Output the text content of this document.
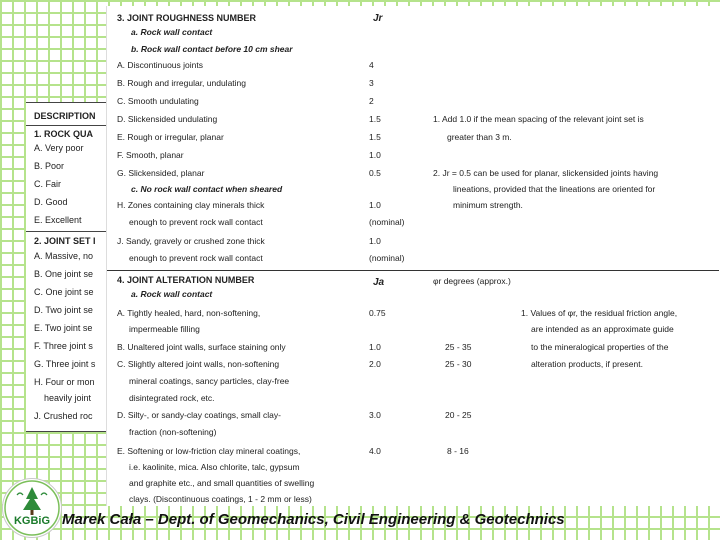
DESCRIPTION
1. ROCK QUA
A. Very poor
B. Poor
C. Fair
D. Good
E. Excellent
2. JOINT SET I
A. Massive, no
B. One joint se
C. One joint se
D. Two joint se
E. Two joint se
F. Three joint s
G. Three joint s
H. Four or mon
heavily joint
J. Crushed roc
3. JOINT ROUGHNESS NUMBER	Jr
a. Rock wall contact
b. Rock wall contact before 10 cm shear
A. Discontinuous joints	4
B. Rough and irregular, undulating	3
C. Smooth undulating	2
D. Slickensided undulating	1.5
E. Rough or irregular, planar	1.5
F. Smooth, planar	1.0
G. Slickensided, planar	0.5
c. No rock wall contact when sheared
H. Zones containing clay minerals thick	1.0
enough to prevent rock wall contact	(nominal)
J. Sandy, gravely or crushed zone thick	1.0
enough to prevent rock wall contact	(nominal)
1. Add 1.0 if the mean spacing of the relevant joint set is
greater than 3 m.
2. Jr = 0.5 can be used for planar, slickensided joints having
lineations, provided that the lineations are oriented for
minimum strength.
4. JOINT ALTERATION NUMBER	Ja	φr degrees (approx.)
a. Rock wall contact
A. Tightly healed, hard, non-softening,
impermeable filling
0.75
B. Unaltered joint walls, surface staining only	1.0	25 - 35
C. Slightly altered joint walls, non-softening
mineral coatings, sancy particles, clay-free
disintegrated rock, etc.
2.0	25 - 30
D. Silty-, or sandy-clay coatings, small clay-
fraction (non-softening)
3.0	20 - 25
E. Softening or low-friction clay mineral coatings,
i.e. kaolinite, mica. Also chlorite, talc, gypsum
and graphite etc., and small quantities of swelling
clays. (Discontinuous coatings, 1 - 2 mm or less)
4.0	8 - 16
1. Values of φr, the residual friction angle,
are intended as an approximate guide
to the mineralogical properties of the
alteration products, if present.
KGBiG Marek Cała – Dept. of Geomechanics, Civil Engineering & Geotechnics
